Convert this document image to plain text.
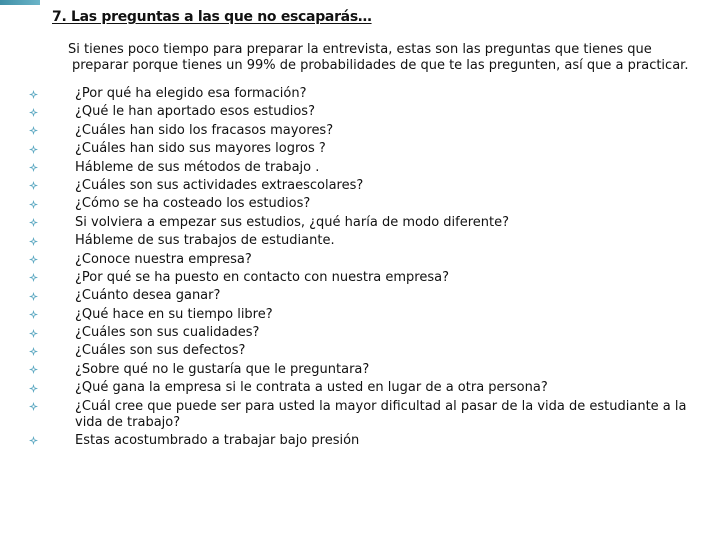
7. Las preguntas a las que no escaparás…

Si tienes poco tiempo para preparar la entrevista, estas son las preguntas que tienes que
preparar porque tienes un 99% de probabilidades de que te las pregunten, así que a practicar.

¿Por qué ha elegido esa formación?
¿Qué le han aportado esos estudios?
¿Cuáles han sido los fracasos mayores?
¿Cuáles han sido sus mayores logros ?
Hábleme de sus métodos de trabajo .
¿Cuáles son sus actividades extraescolares?
¿Cómo se ha costeado los estudios?
Si volviera a empezar sus estudios, ¿qué haría de modo diferente?
Hábleme de sus trabajos de estudiante.
¿Conoce nuestra empresa?
¿Por qué se ha puesto en contacto con nuestra empresa?
¿Cuánto desea ganar?
¿Qué hace en su tiempo libre?
¿Cuáles son sus cualidades?
¿Cuáles son sus defectos?
¿Sobre qué no le gustaría que le preguntara?
¿Qué gana la empresa si le contrata a usted en lugar de a otra persona?
¿Cuál cree que puede ser para usted la mayor dificultad al pasar de la vida de estudiante a la vida de trabajo?
Estas acostumbrado a trabajar bajo presión
